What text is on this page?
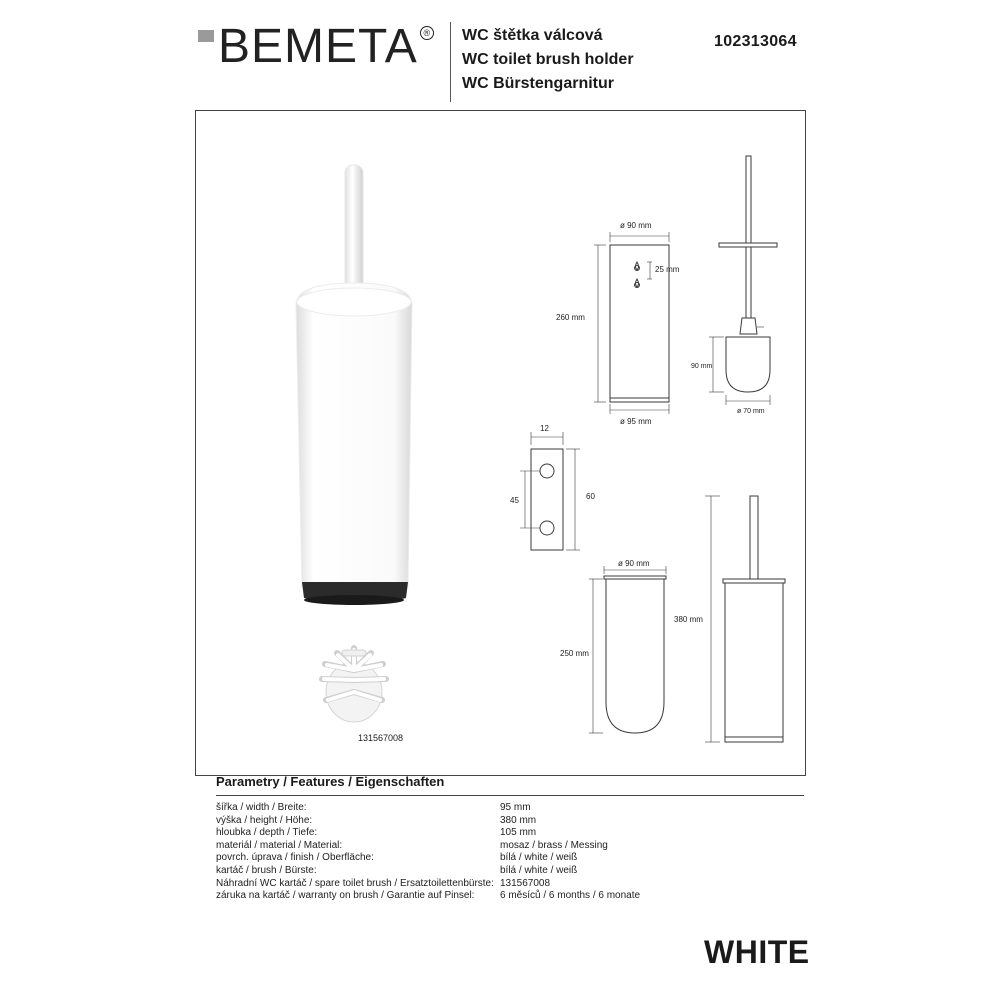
BEMETA ® WC štětka válcová
WC toilet brush holder
WC Bürstengarnitur
102313064
ø 90 mm
25 mm
260 mm
ø 95 mm
90 mm
ø 70 mm
12
45	60
ø 90 mm
250 mm
380 mm
131567008
Parametry / Features / Eigenschaften
šířka / width / Breite:	95 mm
výška / height / Höhe:	380 mm
hloubka / depth / Tiefe:	105 mm
materiál / material / Material:	mosaz / brass / Messing
povrch. úprava / finish / Oberfläche:	bílá / white / weiß
kartáč / brush / Bürste:	bílá / white / weiß
Náhradní WC kartáč / spare toilet brush / Ersatztoilettenbürste: 131567008
záruka na kartáč / warranty on brush / Garantie auf Pinsel:	6 měsíců / 6 months / 6 monate
WHITE
